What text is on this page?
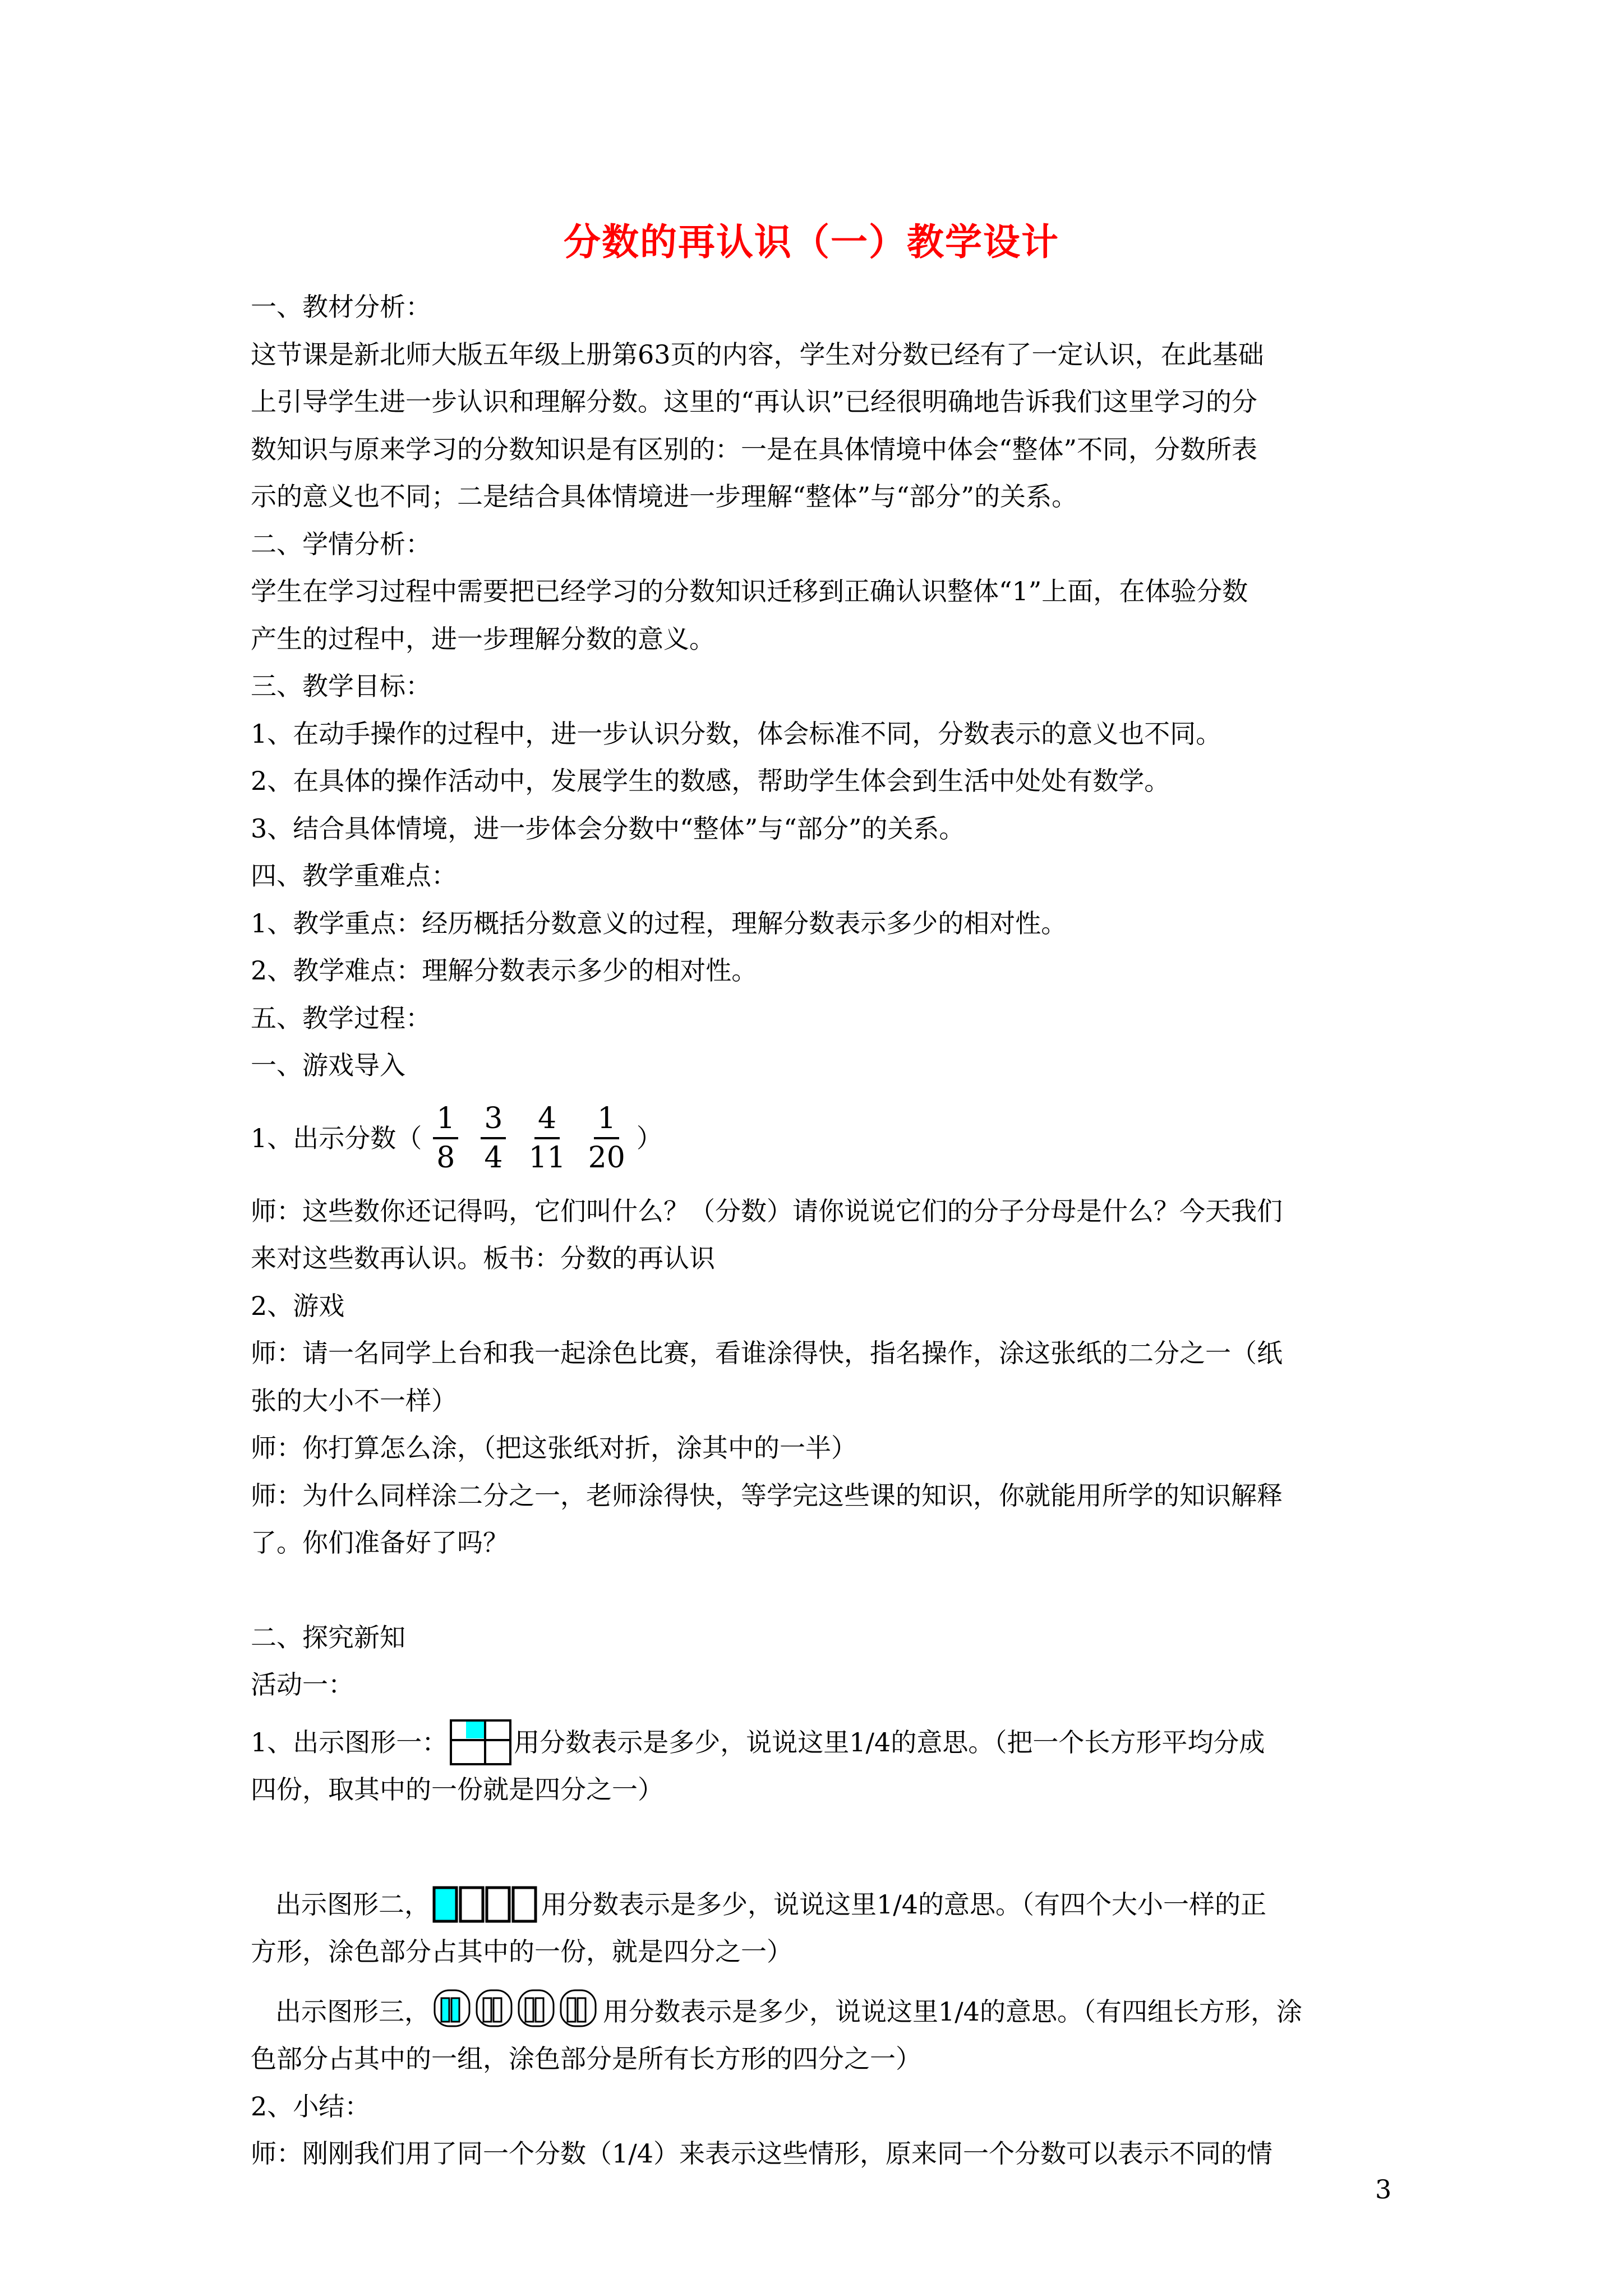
分数的再认识（一）教学设计

一、教材分析：

这节课是新北师大版五年级上册第63页的内容，学生对分数已经有了一定认识，在此基础

上引导学生进一步认识和理解分数。这里的“再认识”已经很明确地告诉我们这里学习的分

数知识与原来学习的分数知识是有区别的：一是在具体情境中体会“整体”不同，分数所表

示的意义也不同；二是结合具体情境进一步理解“整体”与“部分”的关系。

二、学情分析：

学生在学习过程中需要把已经学习的分数知识迁移到正确认识整体“1”上面，在体验分数

产生的过程中，进一步理解分数的意义。

三、教学目标：

1、在动手操作的过程中，进一步认识分数，体会标准不同，分数表示的意义也不同。

2、在具体的操作活动中，发展学生的数感，帮助学生体会到生活中处处有数学。

3、结合具体情境，进一步体会分数中“整体”与“部分”的关系。

四、教学重难点：

1、教学重点：经历概括分数意义的过程，理解分数表示多少的相对性。

2、教学难点：理解分数表示多少的相对性。

五、教学过程：

一、游戏导入

1、出示分数（ $\frac{1}{8} \frac{3}{4} \frac{4}{11} \frac{1}{20}$ ）

师：这些数你还记得吗，它们叫什么？（分数）请你说说它们的分子分母是什么？今天我们

来对这些数再认识。板书：分数的再认识

2、游戏

师：请一名同学上台和我一起涂色比赛，看谁涂得快，指名操作，涂这张纸的二分之一（纸

张的大小不一样）

师：你打算怎么涂，（把这张纸对折，涂其中的一半）

师：为什么同样涂二分之一，老师涂得快，等学完这些课的知识，你就能用所学的知识解释

了。你们准备好了吗？

二、探究新知

活动一：

1、出示图形一：	用分数表示是多少，说说这里1/4的意思。（把一个长方形平均分成

四份，取其中的一份就是四分之一）

出示图形二，	用分数表示是多少，说说这里1/4的意思。（有四个大小一样的正

方形，涂色部分占其中的一份，就是四分之一）

出示图形三，	用分数表示是多少，说说这里1/4的意思。（有四组长方形，涂

色部分占其中的一组，涂色部分是所有长方形的四分之一）

2、小结：

师：刚刚我们用了同一个分数（1/4）来表示这些情形，原来同一个分数可以表示不同的情

3
